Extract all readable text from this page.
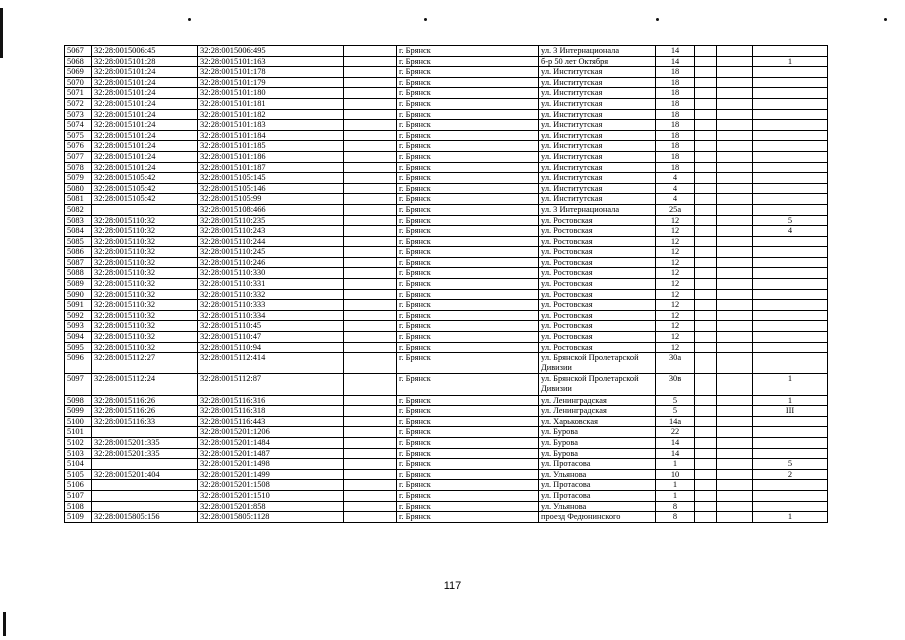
5067	32:28:0015006:45	32:28:0015006:495		г. Брянск	ул. 3 Интернационала	14			
5068	32:28:0015101:28	32:28:0015101:163		г. Брянск	б-р 50 лет Октября	14			1
5069	32:28:0015101:24	32:28:0015101:178		г. Брянск	ул. Институтская	18			
5070	32:28:0015101:24	32:28:0015101:179		г. Брянск	ул. Институтская	18			
5071	32:28:0015101:24	32:28:0015101:180		г. Брянск	ул. Институтская	18			
5072	32:28:0015101:24	32:28:0015101:181		г. Брянск	ул. Институтская	18			
5073	32:28:0015101:24	32:28:0015101:182		г. Брянск	ул. Институтская	18			
5074	32:28:0015101:24	32:28:0015101:183		г. Брянск	ул. Институтская	18			
5075	32:28:0015101:24	32:28:0015101:184		г. Брянск	ул. Институтская	18			
5076	32:28:0015101:24	32:28:0015101:185		г. Брянск	ул. Институтская	18			
5077	32:28:0015101:24	32:28:0015101:186		г. Брянск	ул. Институтская	18			
5078	32:28:0015101:24	32:28:0015101:187		г. Брянск	ул. Институтская	18			
5079	32:28:0015105:42	32:28:0015105:145		г. Брянск	ул. Институтская	4			
5080	32:28:0015105:42	32:28:0015105:146		г. Брянск	ул. Институтская	4			
5081	32:28:0015105:42	32:28:0015105:99		г. Брянск	ул. Институтская	4			
5082		32:28:0015108:466		г. Брянск	ул. 3 Интернационала	25а			
5083	32:28:0015110:32	32:28:0015110:235		г. Брянск	ул. Ростовская	12			5
5084	32:28:0015110:32	32:28:0015110:243		г. Брянск	ул. Ростовская	12			4
5085	32:28:0015110:32	32:28:0015110:244		г. Брянск	ул. Ростовская	12			
5086	32:28:0015110:32	32:28:0015110:245		г. Брянск	ул. Ростовская	12			
5087	32:28:0015110:32	32:28:0015110:246		г. Брянск	ул. Ростовская	12			
5088	32:28:0015110:32	32:28:0015110:330		г. Брянск	ул. Ростовская	12			
5089	32:28:0015110:32	32:28:0015110:331		г. Брянск	ул. Ростовская	12			
5090	32:28:0015110:32	32:28:0015110:332		г. Брянск	ул. Ростовская	12			
5091	32:28:0015110:32	32:28:0015110:333		г. Брянск	ул. Ростовская	12			
5092	32:28:0015110:32	32:28:0015110:334		г. Брянск	ул. Ростовская	12			
5093	32:28:0015110:32	32:28:0015110:45		г. Брянск	ул. Ростовская	12			
5094	32:28:0015110:32	32:28:0015110:47		г. Брянск	ул. Ростовская	12			
5095	32:28:0015110:32	32:28:0015110:94		г. Брянск	ул. Ростовская	12			
5096	32:28:0015112:27	32:28:0015112:414		г. Брянск	ул. Брянской Пролетарской Дивизии	30а			
5097	32:28:0015112:24	32:28:0015112:87		г. Брянск	ул. Брянской Пролетарской Дивизии	30в			1
5098	32:28:0015116:26	32:28:0015116:316		г. Брянск	ул. Ленинградская	5			1
5099	32:28:0015116:26	32:28:0015116:318		г. Брянск	ул. Ленинградская	5			III
5100	32:28:0015116:33	32:28:0015116:443		г. Брянск	ул. Харьковская	14а			
5101		32:28:0015201:1206		г. Брянск	ул. Бурова	22			
5102	32:28:0015201:335	32:28:0015201:1484		г. Брянск	ул. Бурова	14			
5103	32:28:0015201:335	32:28:0015201:1487		г. Брянск	ул. Бурова	14			
5104		32:28:0015201:1498		г. Брянск	ул. Протасова	1			5
5105	32:28:0015201:404	32:28:0015201:1499		г. Брянск	ул. Ульянова	10			2
5106		32:28:0015201:1508		г. Брянск	ул. Протасова	1			
5107		32:28:0015201:1510		г. Брянск	ул. Протасова	1			
5108		32:28:0015201:858		г. Брянск	ул. Ульянова	8			
5109	32:28:0015805:156	32:28:0015805:1128		г. Брянск	проезд Федюнинского	8			1
117
